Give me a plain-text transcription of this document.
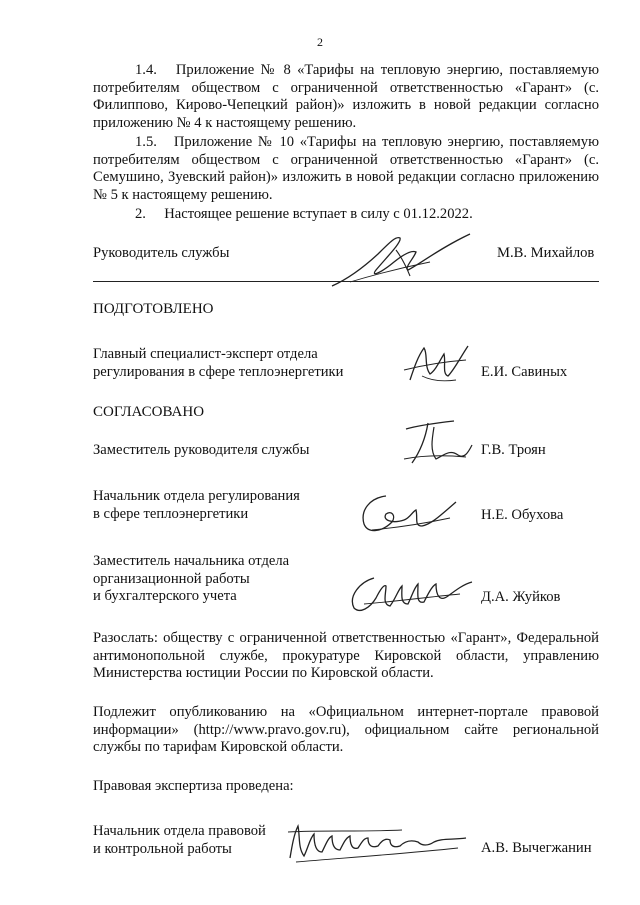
2
1.4. Приложение № 8 «Тарифы на тепловую энергию, поставляемую потребителям обществом с ограниченной ответственностью «Гарант» (с. Филиппово, Кирово-Чепецкий район)» изложить в новой редакции согласно приложению № 4 к настоящему решению.
1.5. Приложение № 10 «Тарифы на тепловую энергию, поставляемую потребителям обществом с ограниченной ответственностью «Гарант» (с. Семушино, Зуевский район)» изложить в новой редакции согласно приложению № 5 к настоящему решению.
2. Настоящее решение вступает в силу с 01.12.2022.
Руководитель службы	М.В. Михайлов
ПОДГОТОВЛЕНО
Главный специалист-эксперт отдела
регулирования в сфере теплоэнергетики	Е.И. Савиных
СОГЛАСОВАНО
Заместитель руководителя службы	Г.В. Троян
Начальник отдела регулирования
в сфере теплоэнергетики	Н.Е. Обухова
Заместитель начальника отдела
организационной работы
и бухгалтерского учета	Д.А. Жуйков
Разослать: обществу с ограниченной ответственностью «Гарант», Федеральной антимонопольной службе, прокуратуре Кировской области, управлению Министерства юстиции России по Кировской области.
Подлежит опубликованию на «Официальном интернет-портале правовой информации» (http://www.pravo.gov.ru), официальном сайте региональной службы по тарифам Кировской области.
Правовая экспертиза проведена:
Начальник отдела правовой
и контрольной работы	А.В. Вычегжанин
